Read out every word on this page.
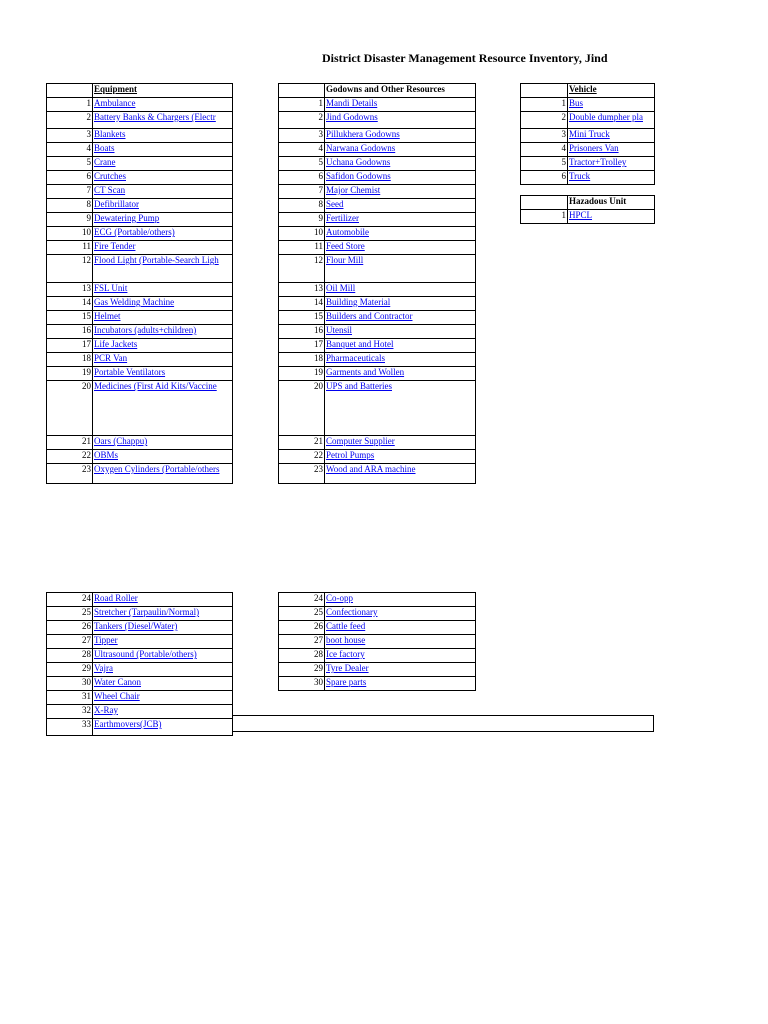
District Disaster Management Resource Inventory, Jind
	Equipment
1	Ambulance
2	Battery Banks & Chargers (Electr
3	Blankets
4	Boats
5	Crane
6	Crutches
7	CT Scan
8	Defibrillator
9	Dewatering Pump
10	ECG (Portable/others)
11	Fire Tender
12	Flood Light (Portable-Search Ligh
13	FSL Unit
14	Gas Welding Machine
15	Helmet
16	Incubators (adults+children)
17	Life Jackets
18	PCR Van
19	Portable Ventilators
20	Medicines (First Aid Kits/Vaccine
21	Oars (Chappu)
22	OBMs
23	Oxygen Cylinders (Portable/others
	Godowns and Other Resources
1	Mandi Details
2	Jind Godowns
3	Pillukhera Godowns
4	Narwana Godowns
5	Uchana Godowns
6	Safidon Godowns
7	Major Chemist
8	Seed
9	Fertilizer
10	Automobile
11	Feed Store
12	Flour Mill
13	Oil Mill
14	Building Material
15	Builders and Contractor
16	Utensil
17	Banquet and Hotel
18	Pharmaceuticals
19	Garments and Wollen
20	UPS and Batteries
21	Computer Supplier
22	Petrol Pumps
23	Wood and ARA machine
	Vehicle
1	Bus
2	Double dumpher pla
3	Mini Truck
4	Prisoners Van
5	Tractor+Trolley
6	Truck
	Hazadous Unit
1	HPCL
24	Road Roller
25	Stretcher (Tarpaulin/Normal)
26	Tankers (Diesel/Water)
27	Tipper
28	Ultrasound (Portable/others)
29	Vajra
30	Water Canon
31	Wheel Chair
32	X-Ray
33	Earthmovers(JCB)
24	Co-opp
25	Confectionary
26	Cattle feed
27	boot house
28	Ice factory
29	Tyre Dealer
30	Spare parts
